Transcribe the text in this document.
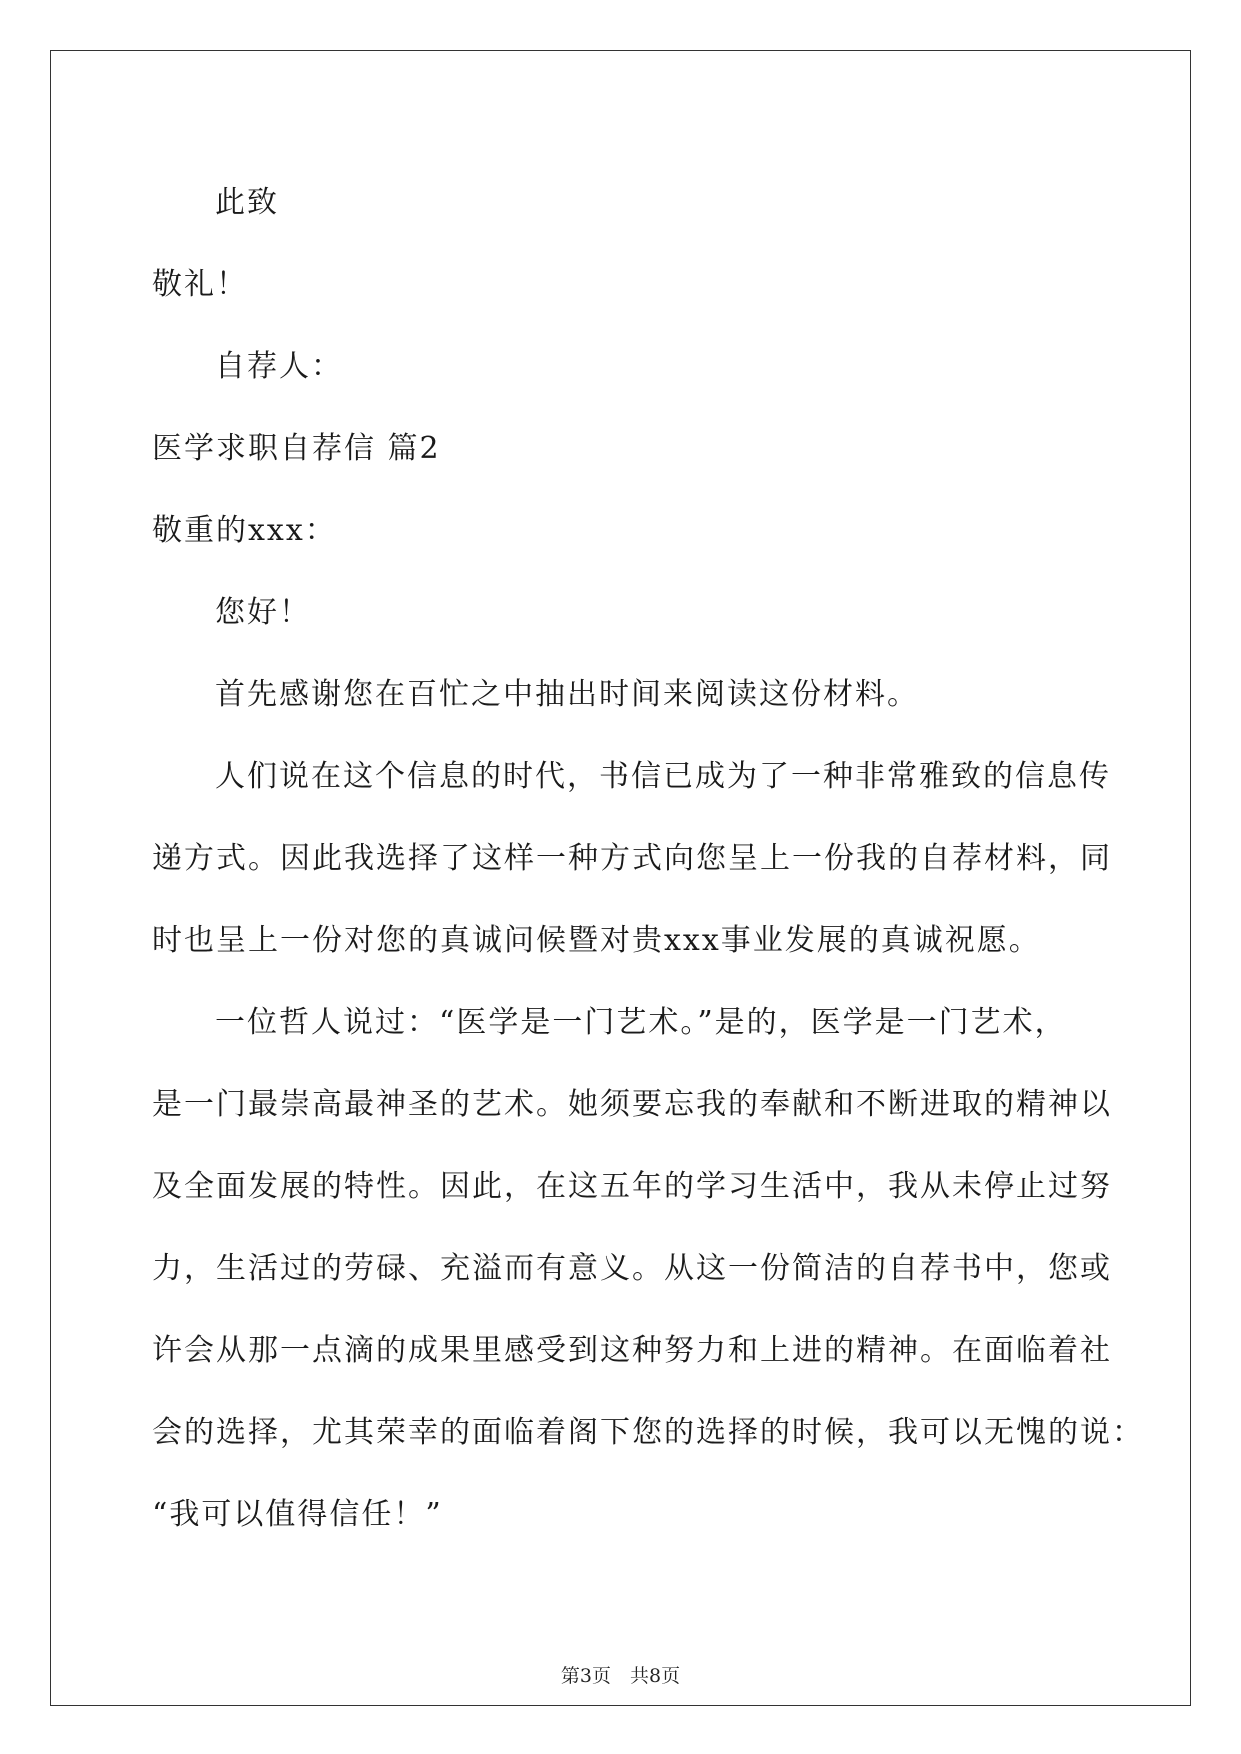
此致
敬礼！
自荐人：
医学求职自荐信 篇2
敬重的xxx：
您好！
首先感谢您在百忙之中抽出时间来阅读这份材料。
人们说在这个信息的时代，书信已成为了一种非常雅致的信息传
递方式。因此我选择了这样一种方式向您呈上一份我的自荐材料，同
时也呈上一份对您的真诚问候暨对贵xxx事业发展的真诚祝愿。
一位哲人说过：“医学是一门艺术。”是的，医学是一门艺术，
是一门最崇高最神圣的艺术。她须要忘我的奉献和不断进取的精神以
及全面发展的特性。因此，在这五年的学习生活中，我从未停止过努
力，生活过的劳碌、充溢而有意义。从这一份简洁的自荐书中，您或
许会从那一点滴的成果里感受到这种努力和上进的精神。在面临着社
会的选择，尤其荣幸的面临着阁下您的选择的时候，我可以无愧的说：
“我可以值得信任！”
第3页　共8页
